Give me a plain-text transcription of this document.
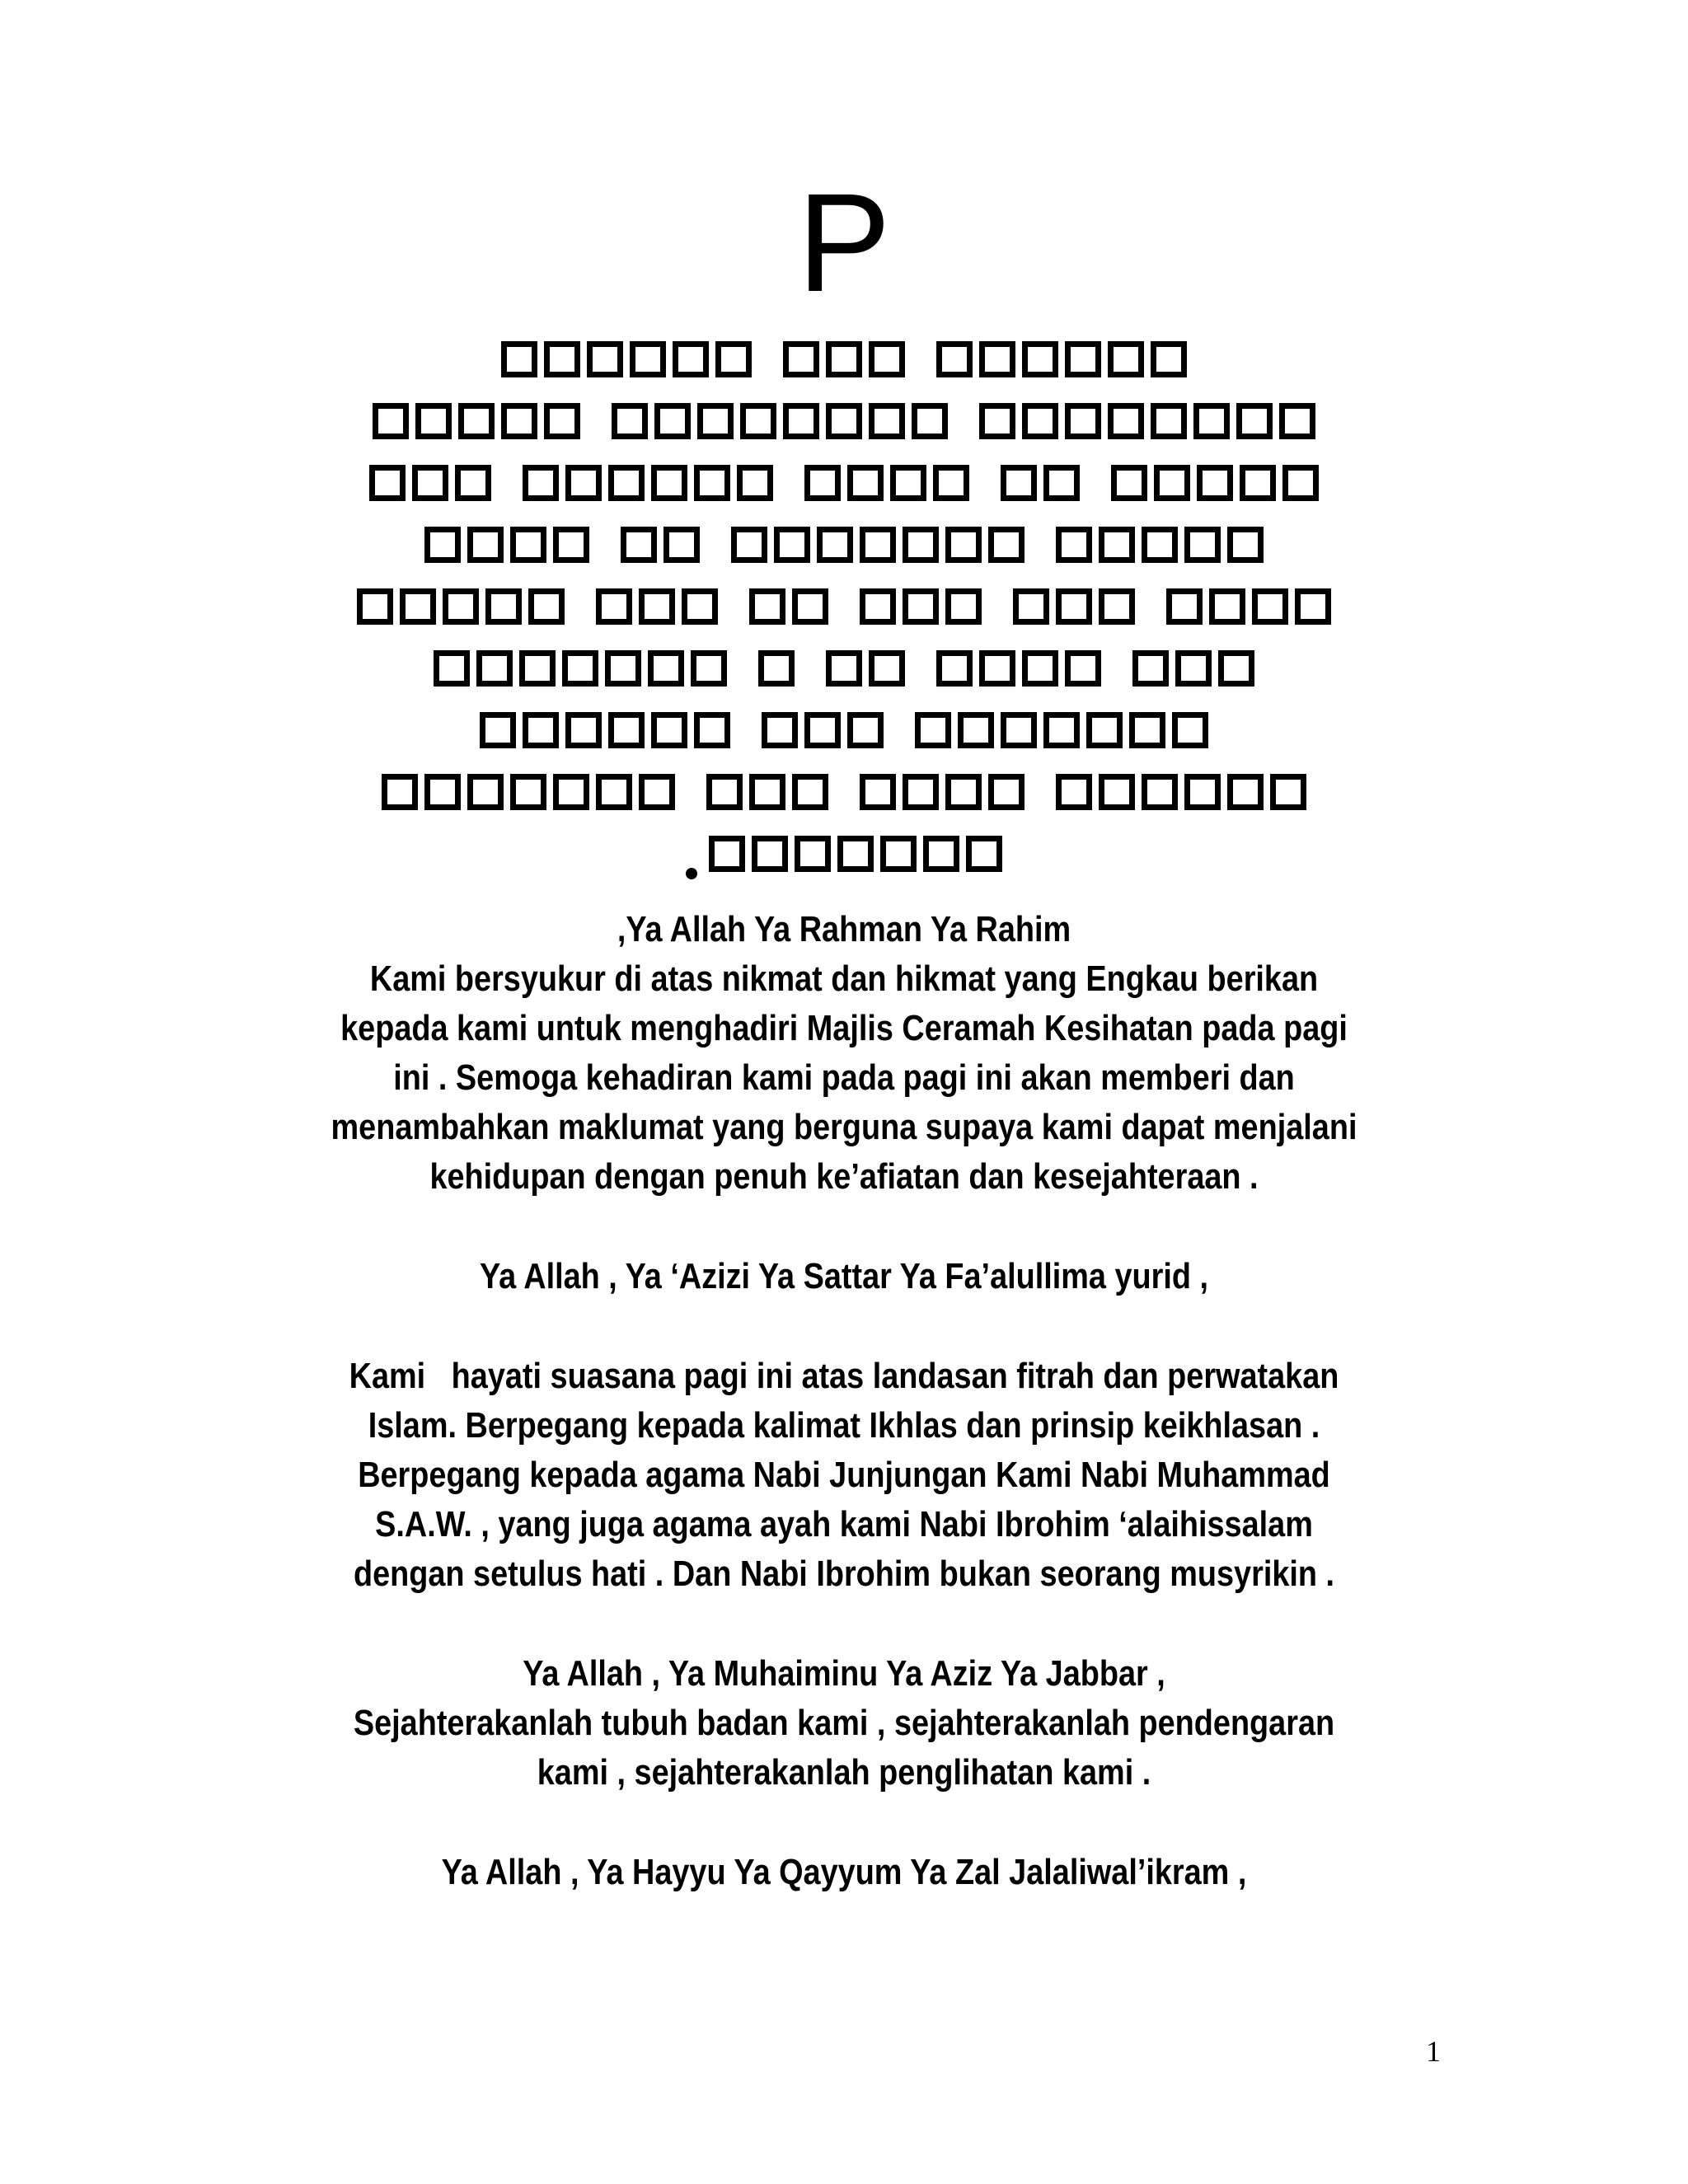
P

,Ya Allah Ya Rahman Ya Rahim

Kami bersyukur di atas nikmat dan hikmat yang Engkau berikan

kepada kami untuk menghadiri Majlis Ceramah Kesihatan pada pagi

ini . Semoga kehadiran kami pada pagi ini akan memberi dan

menambahkan maklumat yang berguna supaya kami dapat menjalani

kehidupan dengan penuh ke’afiatan dan kesejahteraan .

Ya Allah , Ya ‘Azizi Ya Sattar Ya Fa’alullima yurid ,

Kami   hayati suasana pagi ini atas landasan fitrah dan perwatakan

Islam. Berpegang kepada kalimat Ikhlas dan prinsip keikhlasan .

Berpegang kepada agama Nabi Junjungan Kami Nabi Muhammad

S.A.W. , yang juga agama ayah kami Nabi Ibrohim ‘alaihissalam

dengan setulus hati . Dan Nabi Ibrohim bukan seorang musyrikin .

Ya Allah , Ya Muhaiminu Ya Aziz Ya Jabbar ,

Sejahterakanlah tubuh badan kami , sejahterakanlah pendengaran

kami , sejahterakanlah penglihatan kami .

Ya Allah , Ya Hayyu Ya Qayyum Ya Zal Jalaliwal’ikram ,

1
